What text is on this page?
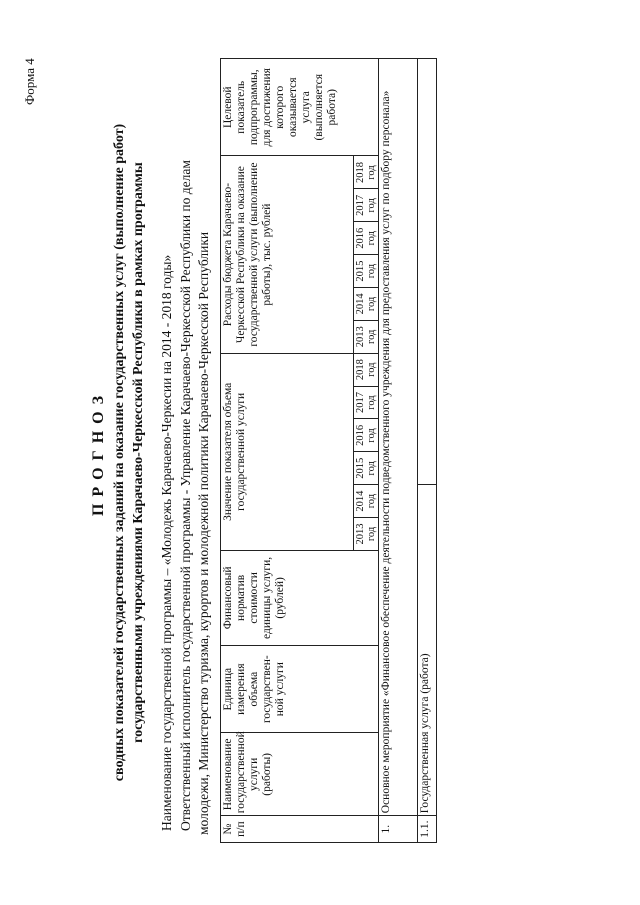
Форма 4
ПРОГНОЗ сводных показателей государственных заданий на оказание государственных услуг (выполнение работ) государственными учреждениями Карачаево-Черкесской Республики в рамках программы Наименование государственной программы – «Молодежь Карачаево-Черкесии на 2014 - 2018 годы» Ответственный исполнитель государственной программы - Управление Карачаево-Черкесской Республики по делам молодежи, Министерство туризма, курортов и молодежной политики Карачаево-Черкесской Республики № п/п	Наименование государственной услуги (работы)	Единица измерения объема государствен-ной услуги	Финансовый норматив стоимости единицы услуги, (рублей)	Значение показателя объема государственной услуги						Расходы бюджета Карачаево-Черкесской Республики на оказание государственной услуги (выполнение работы), тыс. рублей						Целевой показатель подпрограммы, для достижения которого оказывается услуга (выполняется работа)
				2013 год	2014 год	2015 год	2016 год	2017 год	2018 год	2013 год	2014 год	2015 год	2016 год	2017 год	2018 год	
1.	Основное мероприятие «Финансовое обеспечение деятельности подведомственного учреждения для предоставления услуг по подбору персонала»															
1.1.	Государственная услуга (работа)															
